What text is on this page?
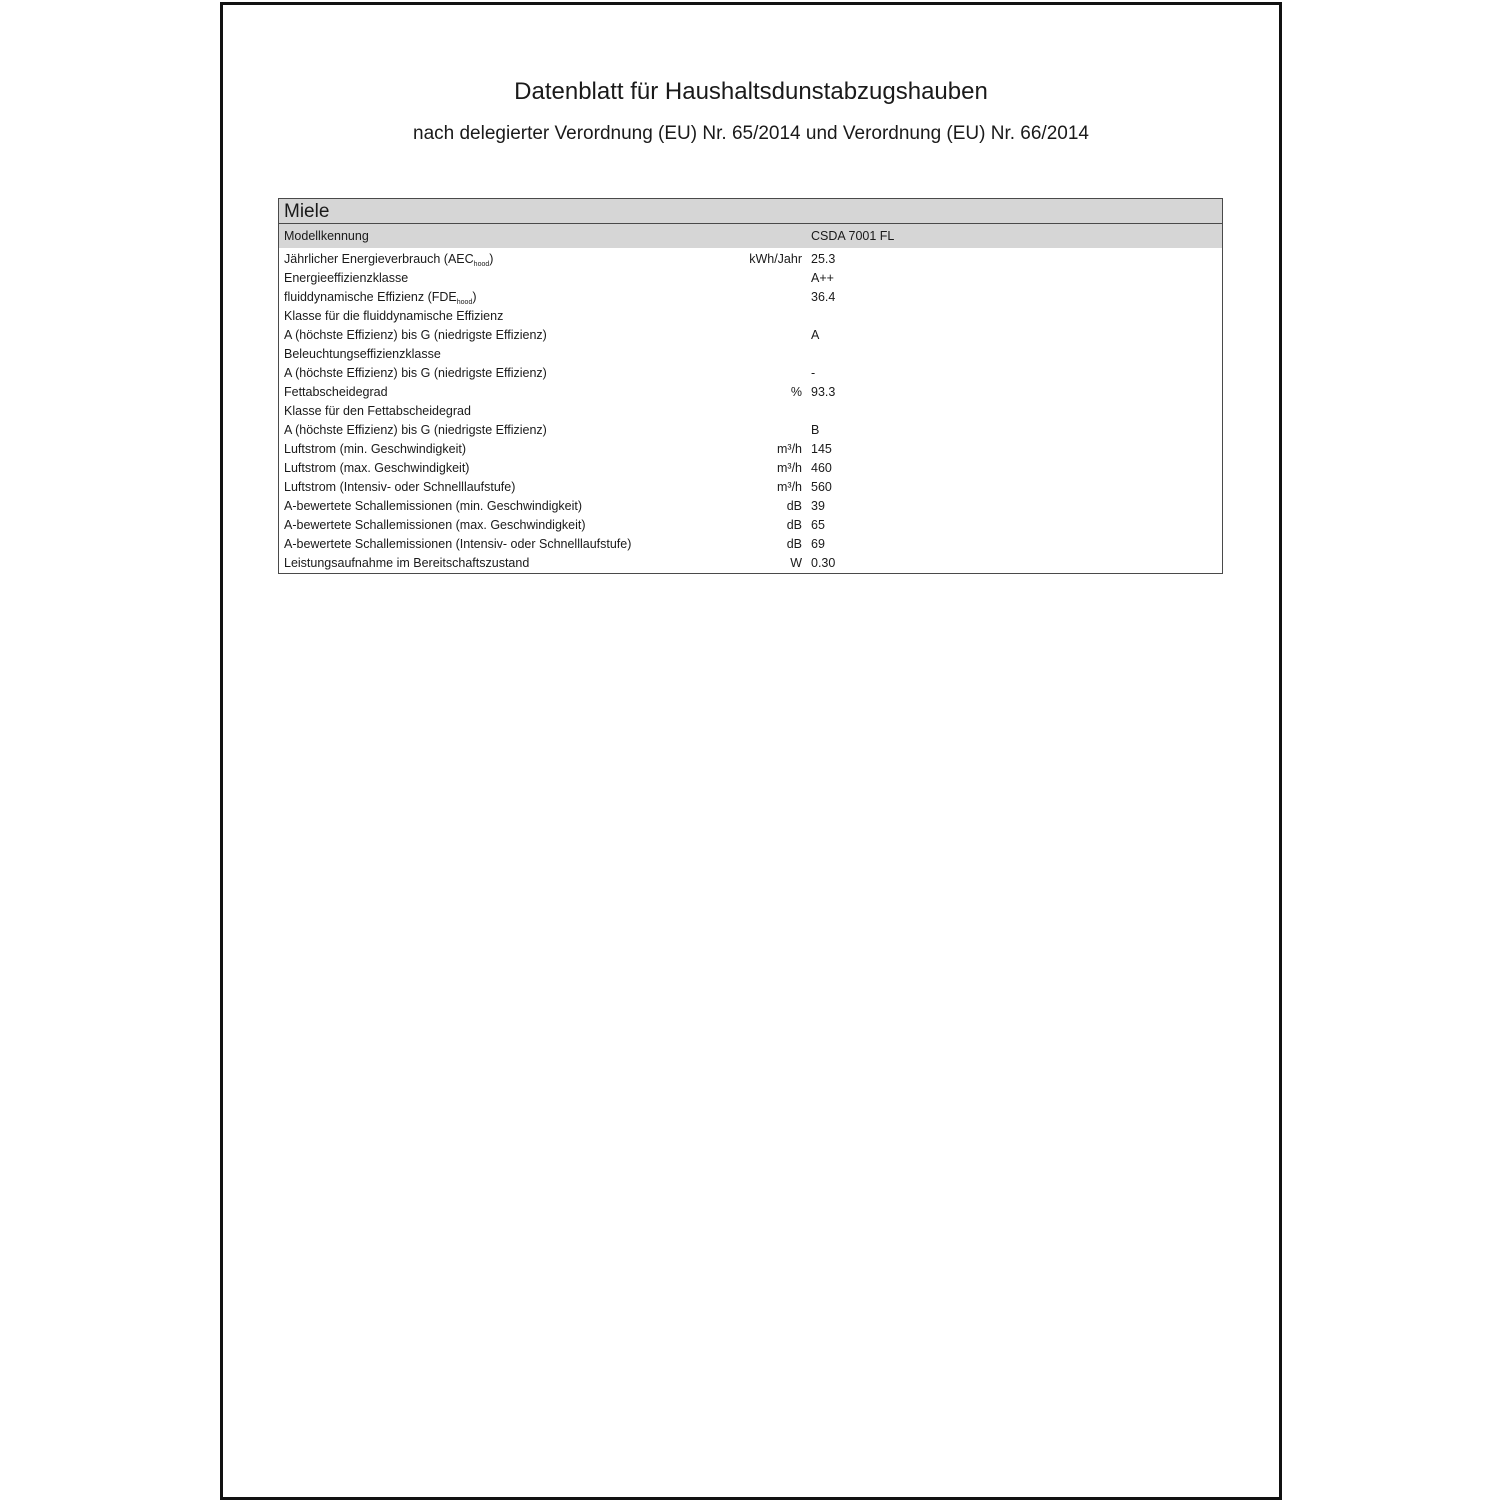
Datenblatt für Haushaltsdunstabzugshauben
nach delegierter Verordnung (EU) Nr. 65/2014 und Verordnung (EU) Nr. 66/2014
Miele
Modellkennung	CSDA 7001 FL
Jährlicher Energieverbrauch $(AEC_{hood})$	kWh/Jahr 25.3
Energieeffizienzklasse	A++
fluiddynamische Effizienz $(FDE_{hood})$	36.4
Klasse für die fluiddynamische Effizienz
A (höchste Effizienz) bis G (niedrigste Effizienz)	A
Beleuchtungseffizienzklasse
A (höchste Effizienz) bis G (niedrigste Effizienz)	-
Fettabscheidegrad	% 93.3
Klasse für den Fettabscheidegrad
A (höchste Effizienz) bis G (niedrigste Effizienz)	B
Luftstrom (min. Geschwindigkeit)	m³/h 145
Luftstrom (max. Geschwindigkeit)	m³/h 460
Luftstrom (Intensiv- oder Schnelllaufstufe)	m³/h 560
A-bewertete Schallemissionen (min. Geschwindigkeit)	dB 39
A-bewertete Schallemissionen (max. Geschwindigkeit)	dB 65
A-bewertete Schallemissionen (Intensiv- oder Schnelllaufstufe)	dB 69
Leistungsaufnahme im Bereitschaftszustand	W 0.30
